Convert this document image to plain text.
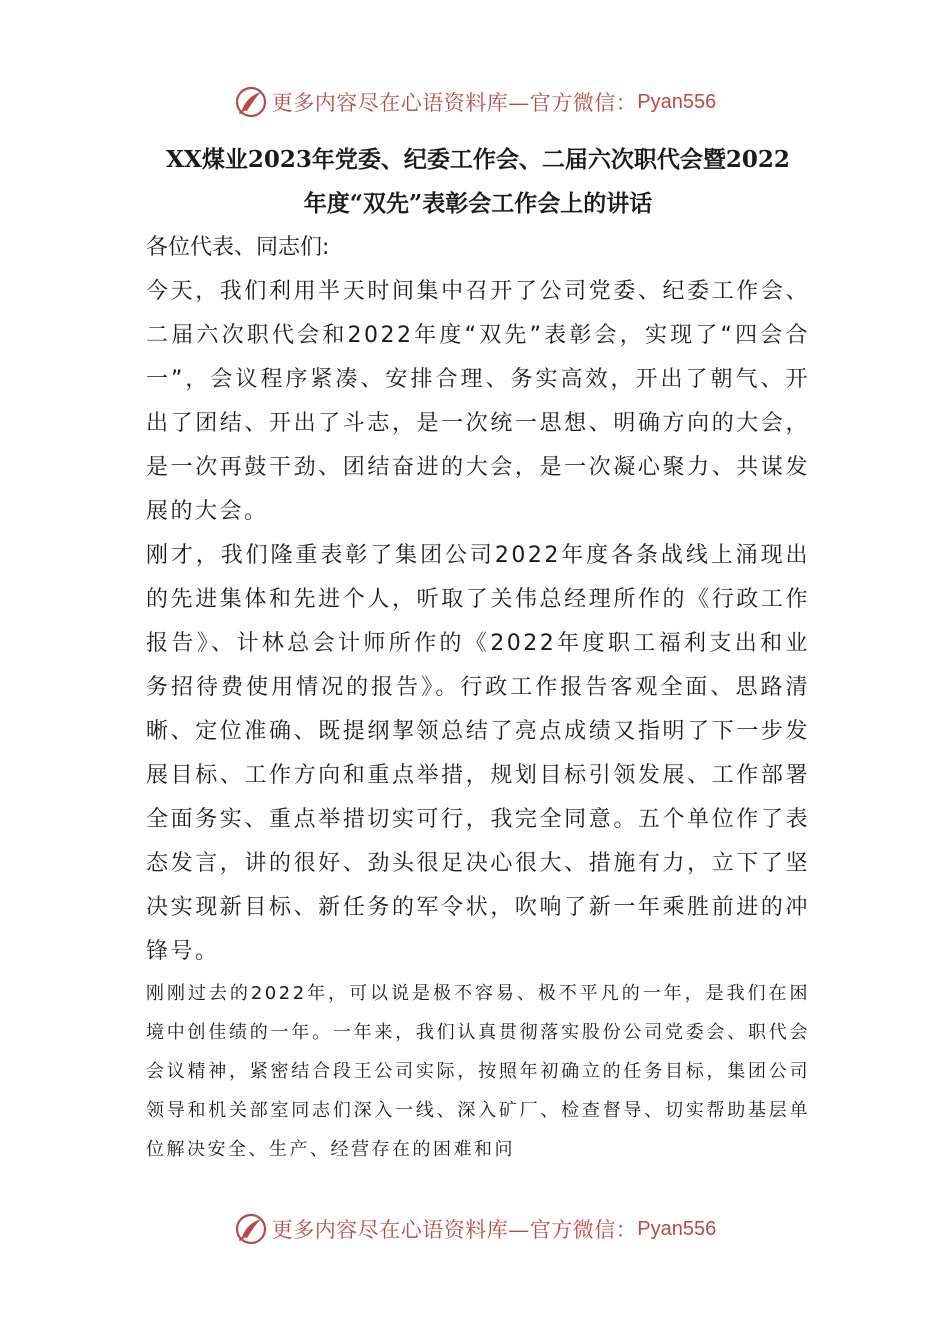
更多内容尽在心语资料库—官方微信： Pyan556
XX煤业2023年党委、纪委工作会、二届六次职代会暨2022
年度“双先”表彰会工作会上的讲话

各位代表、同志们:

今天，我们利用半天时间集中召开了公司党委、纪委工作会、二届六次职代会和2022年度“双先”表彰会，实现了“四会合一”，会议程序紧凑、安排合理、务实高效，开出了朝气、开出了团结、开出了斗志，是一次统一思想、明确方向的大会，是一次再鼓干劲、团结奋进的大会，是一次凝心聚力、共谋发展的大会。

刚才，我们隆重表彰了集团公司2022年度各条战线上涌现出的先进集体和先进个人，听取了关伟总经理所作的《行政工作报告》、计林总会计师所作的《2022年度职工福利支出和业务招待费使用情况的报告》。行政工作报告客观全面、思路清晰、定位准确、既提纲挈领总结了亮点成绩又指明了下一步发展目标、工作方向和重点举措，规划目标引领发展、工作部署全面务实、重点举措切实可行，我完全同意。五个单位作了表态发言，讲的很好、劲头很足决心很大、措施有力，立下了坚决实现新目标、新任务的军令状，吹响了新一年乘胜前进的冲锋号。

刚刚过去的2022年，可以说是极不容易、极不平凡的一年，是我们在困境中创佳绩的一年。一年来，我们认真贯彻落实股份公司党委会、职代会会议精神，紧密结合段王公司实际，按照年初确立的任务目标，集团公司领导和机关部室同志们深入一线、深入矿厂、检查督导、切实帮助基层单位解决安全、生产、经营存在的困难和问

更多内容尽在心语资料库—官方微信： Pyan556
